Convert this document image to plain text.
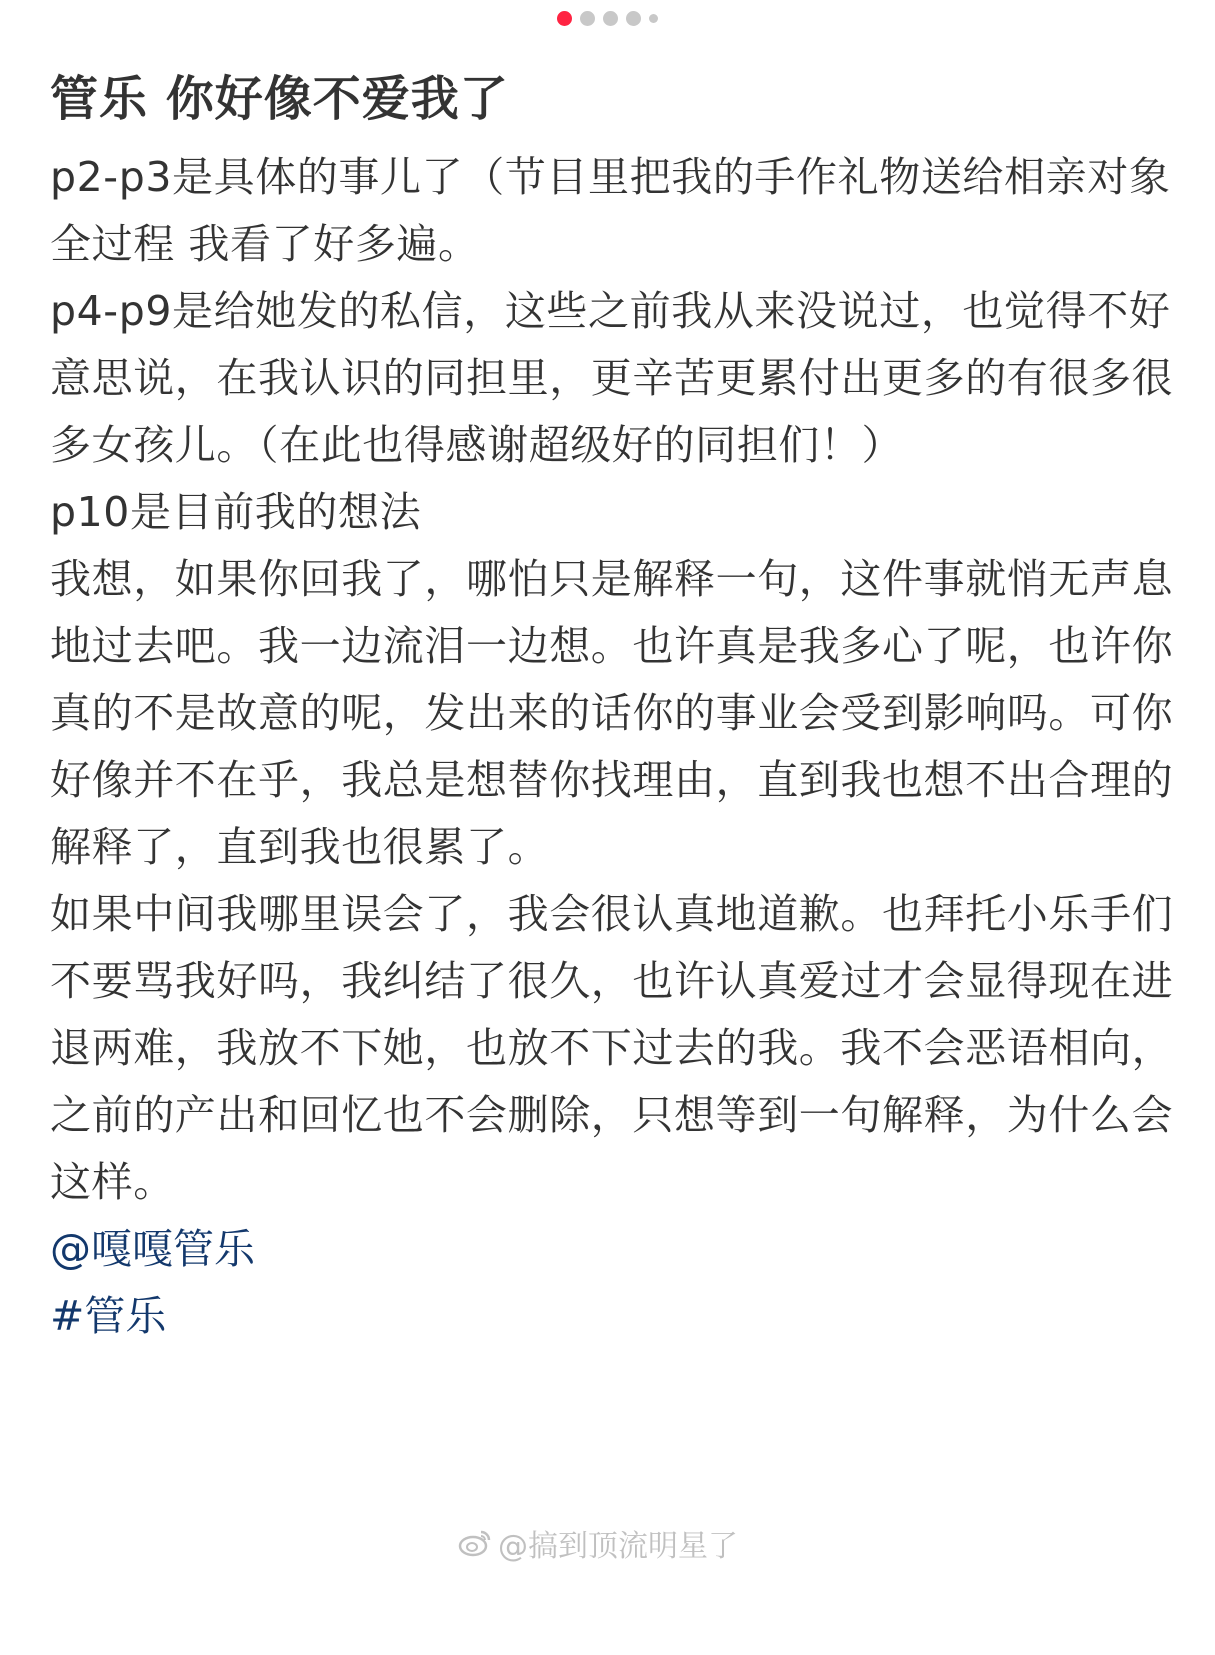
管乐 你好像不爱我了

p2-p3是具体的事儿了（节目里把我的手作礼物送给相亲对象全过程 我看了好多遍。

p4-p9是给她发的私信，这些之前我从来没说过，也觉得不好意思说，在我认识的同担里，更辛苦更累付出更多的有很多很多女孩儿。（在此也得感谢超级好的同担们！）

p10是目前我的想法

我想，如果你回我了，哪怕只是解释一句，这件事就悄无声息地过去吧。我一边流泪一边想。也许真是我多心了呢，也许你真的不是故意的呢，发出来的话你的事业会受到影响吗。可你好像并不在乎，我总是想替你找理由，直到我也想不出合理的解释了，直到我也很累了。

如果中间我哪里误会了，我会很认真地道歉。也拜托小乐手们不要骂我好吗，我纠结了很久，也许认真爱过才会显得现在进退两难，我放不下她，也放不下过去的我。我不会恶语相向，之前的产出和回忆也不会删除，只想等到一句解释，为什么会这样。

@嘎嘎管乐
#管乐
@搞到顶流明星了
